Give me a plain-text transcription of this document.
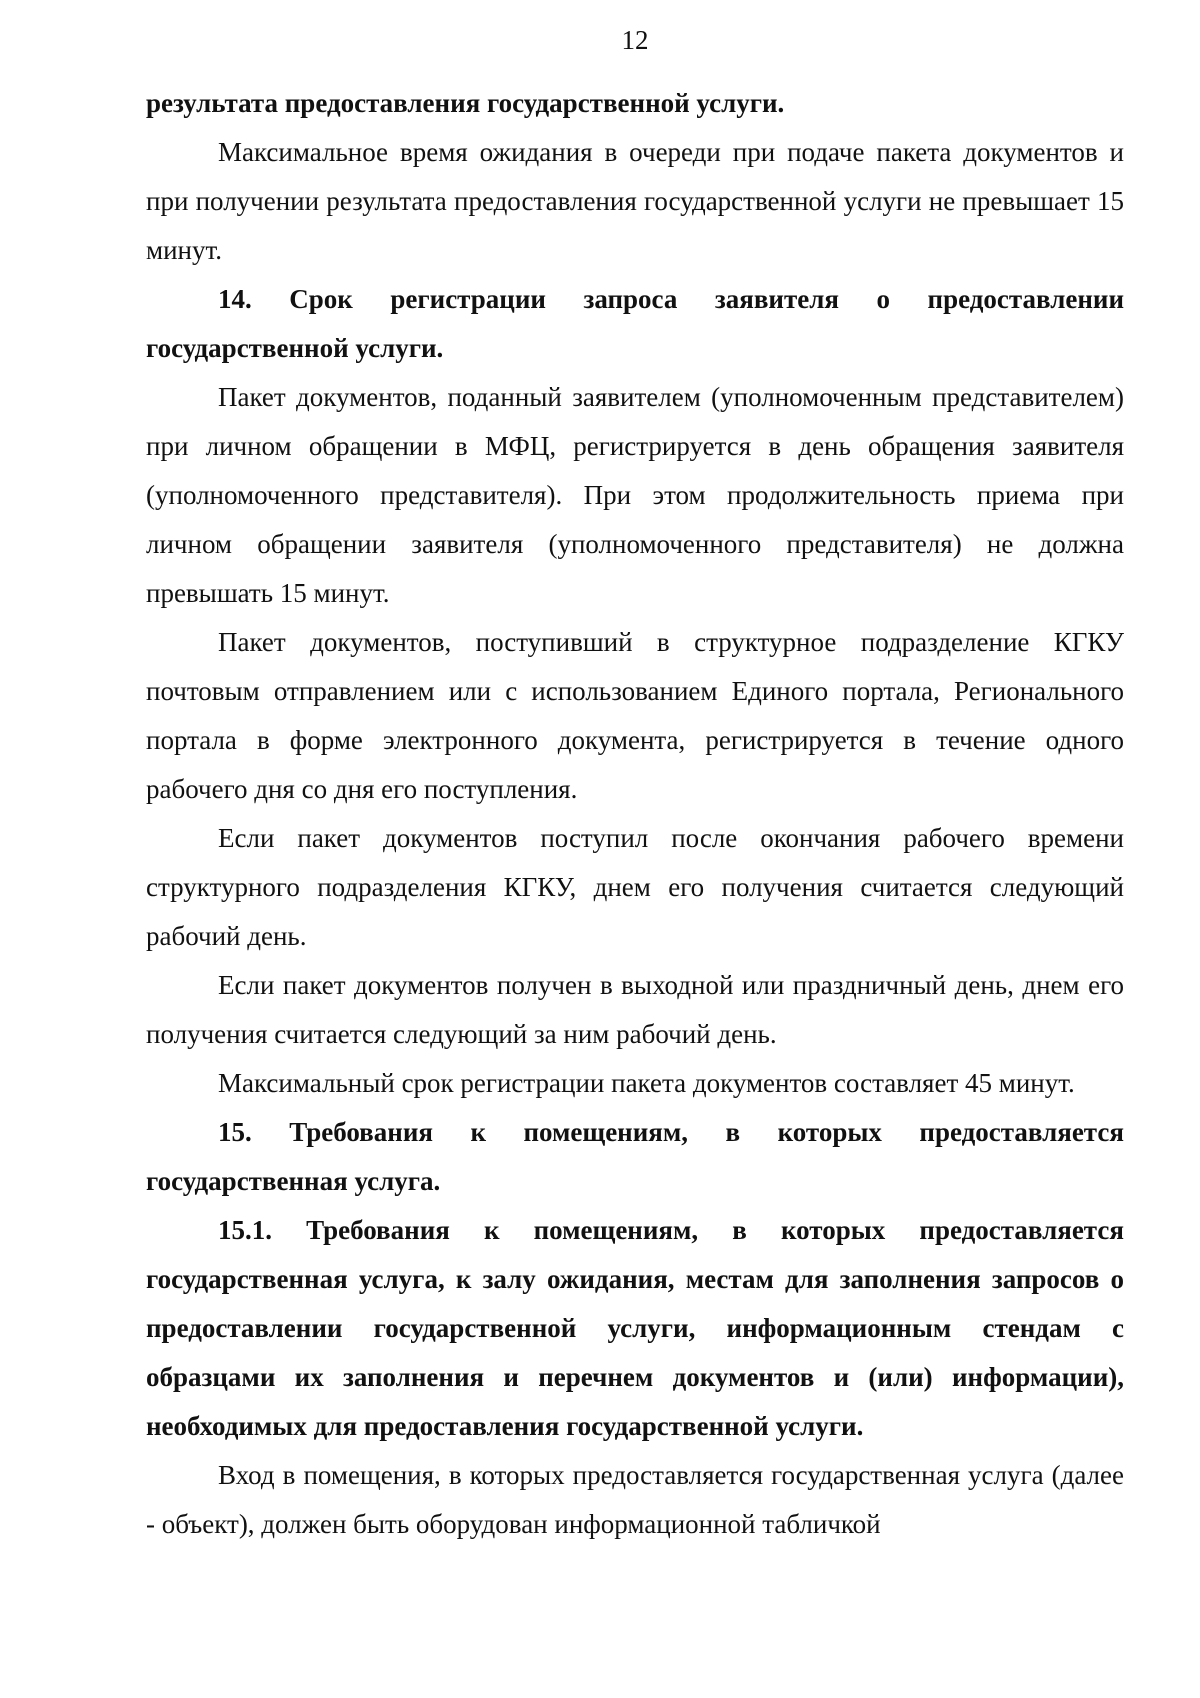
12

результата предоставления государственной услуги.

Максимальное время ожидания в очереди при подаче пакета документов и при получении результата предоставления государственной услуги не превышает 15 минут.

14. Срок регистрации запроса заявителя о предоставлении государственной услуги.

Пакет документов, поданный заявителем (уполномоченным представителем) при личном обращении в МФЦ, регистрируется в день обращения заявителя (уполномоченного представителя). При этом продолжительность приема при личном обращении заявителя (уполномоченного представителя) не должна превышать 15 минут.

Пакет документов, поступивший в структурное подразделение КГКУ почтовым отправлением или с использованием Единого портала, Регионального портала в форме электронного документа, регистрируется в течение одного рабочего дня со дня его поступления.

Если пакет документов поступил после окончания рабочего времени структурного подразделения КГКУ, днем его получения считается следующий рабочий день.

Если пакет документов получен в выходной или праздничный день, днем его получения считается следующий за ним рабочий день.

Максимальный срок регистрации пакета документов составляет 45 минут.

15. Требования к помещениям, в которых предоставляется государственная услуга.

15.1. Требования к помещениям, в которых предоставляется государственная услуга, к залу ожидания, местам для заполнения запросов о предоставлении государственной услуги, информационным стендам с образцами их заполнения и перечнем документов и (или) информации), необходимых для предоставления государственной услуги.

Вход в помещения, в которых предоставляется государственная услуга (далее - объект), должен быть оборудован информационной табличкой
